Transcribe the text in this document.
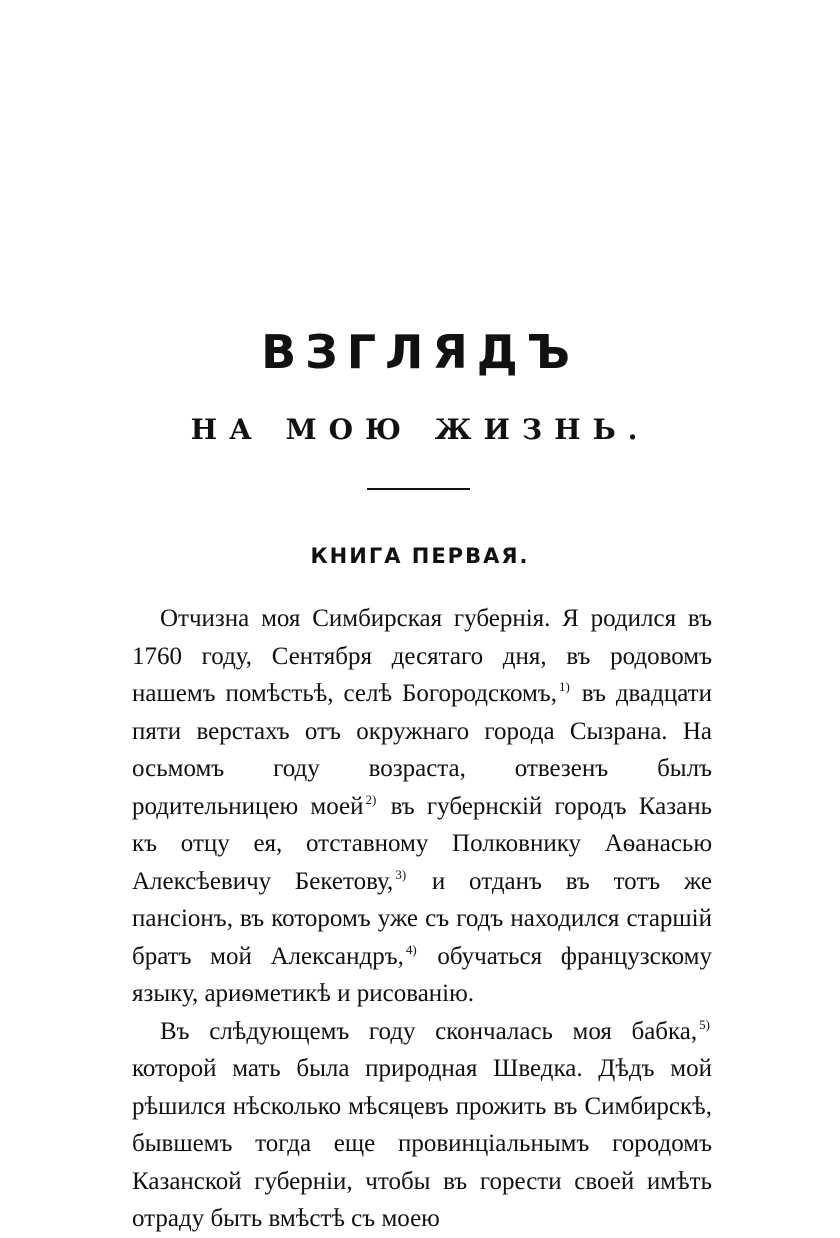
ВЗГЛЯДЪ
НА МОЮ ЖИЗНЬ.
КНИГА ПЕРВАЯ.

Отчизна моя Симбирская губернія. Я родился въ 1760 году, Сентября десятаго дня, въ родовомъ нашемъ помѣстьѣ, селѣ Богородскомъ, $^{1)}$ въ двадцати пяти верстахъ отъ окружнаго города Сызрана. На осьмомъ году возраста, отвезенъ былъ родительницею моей $^{2)}$ въ губернскій городъ Казань къ отцу ея, отставному Полковнику Аѳанасью Алексѣевичу Бекетову, $^{3)}$ и отданъ въ тотъ же пансіонъ, въ которомъ уже съ годъ находился старшій братъ мой Александръ, $^{4)}$ обучаться французскому языку, ариѳметикѣ и рисованію.

Въ слѣдующемъ году скончалась моя бабка, $^{5)}$ которой мать была природная Шведка. Дѣдъ мой рѣшился нѣсколько мѣсяцевъ прожить въ Симбирскѣ, бывшемъ тогда еще провинціальнымъ городомъ Казанской губерніи, чтобы въ горести своей имѣть отраду быть вмѣстѣ съ моею
